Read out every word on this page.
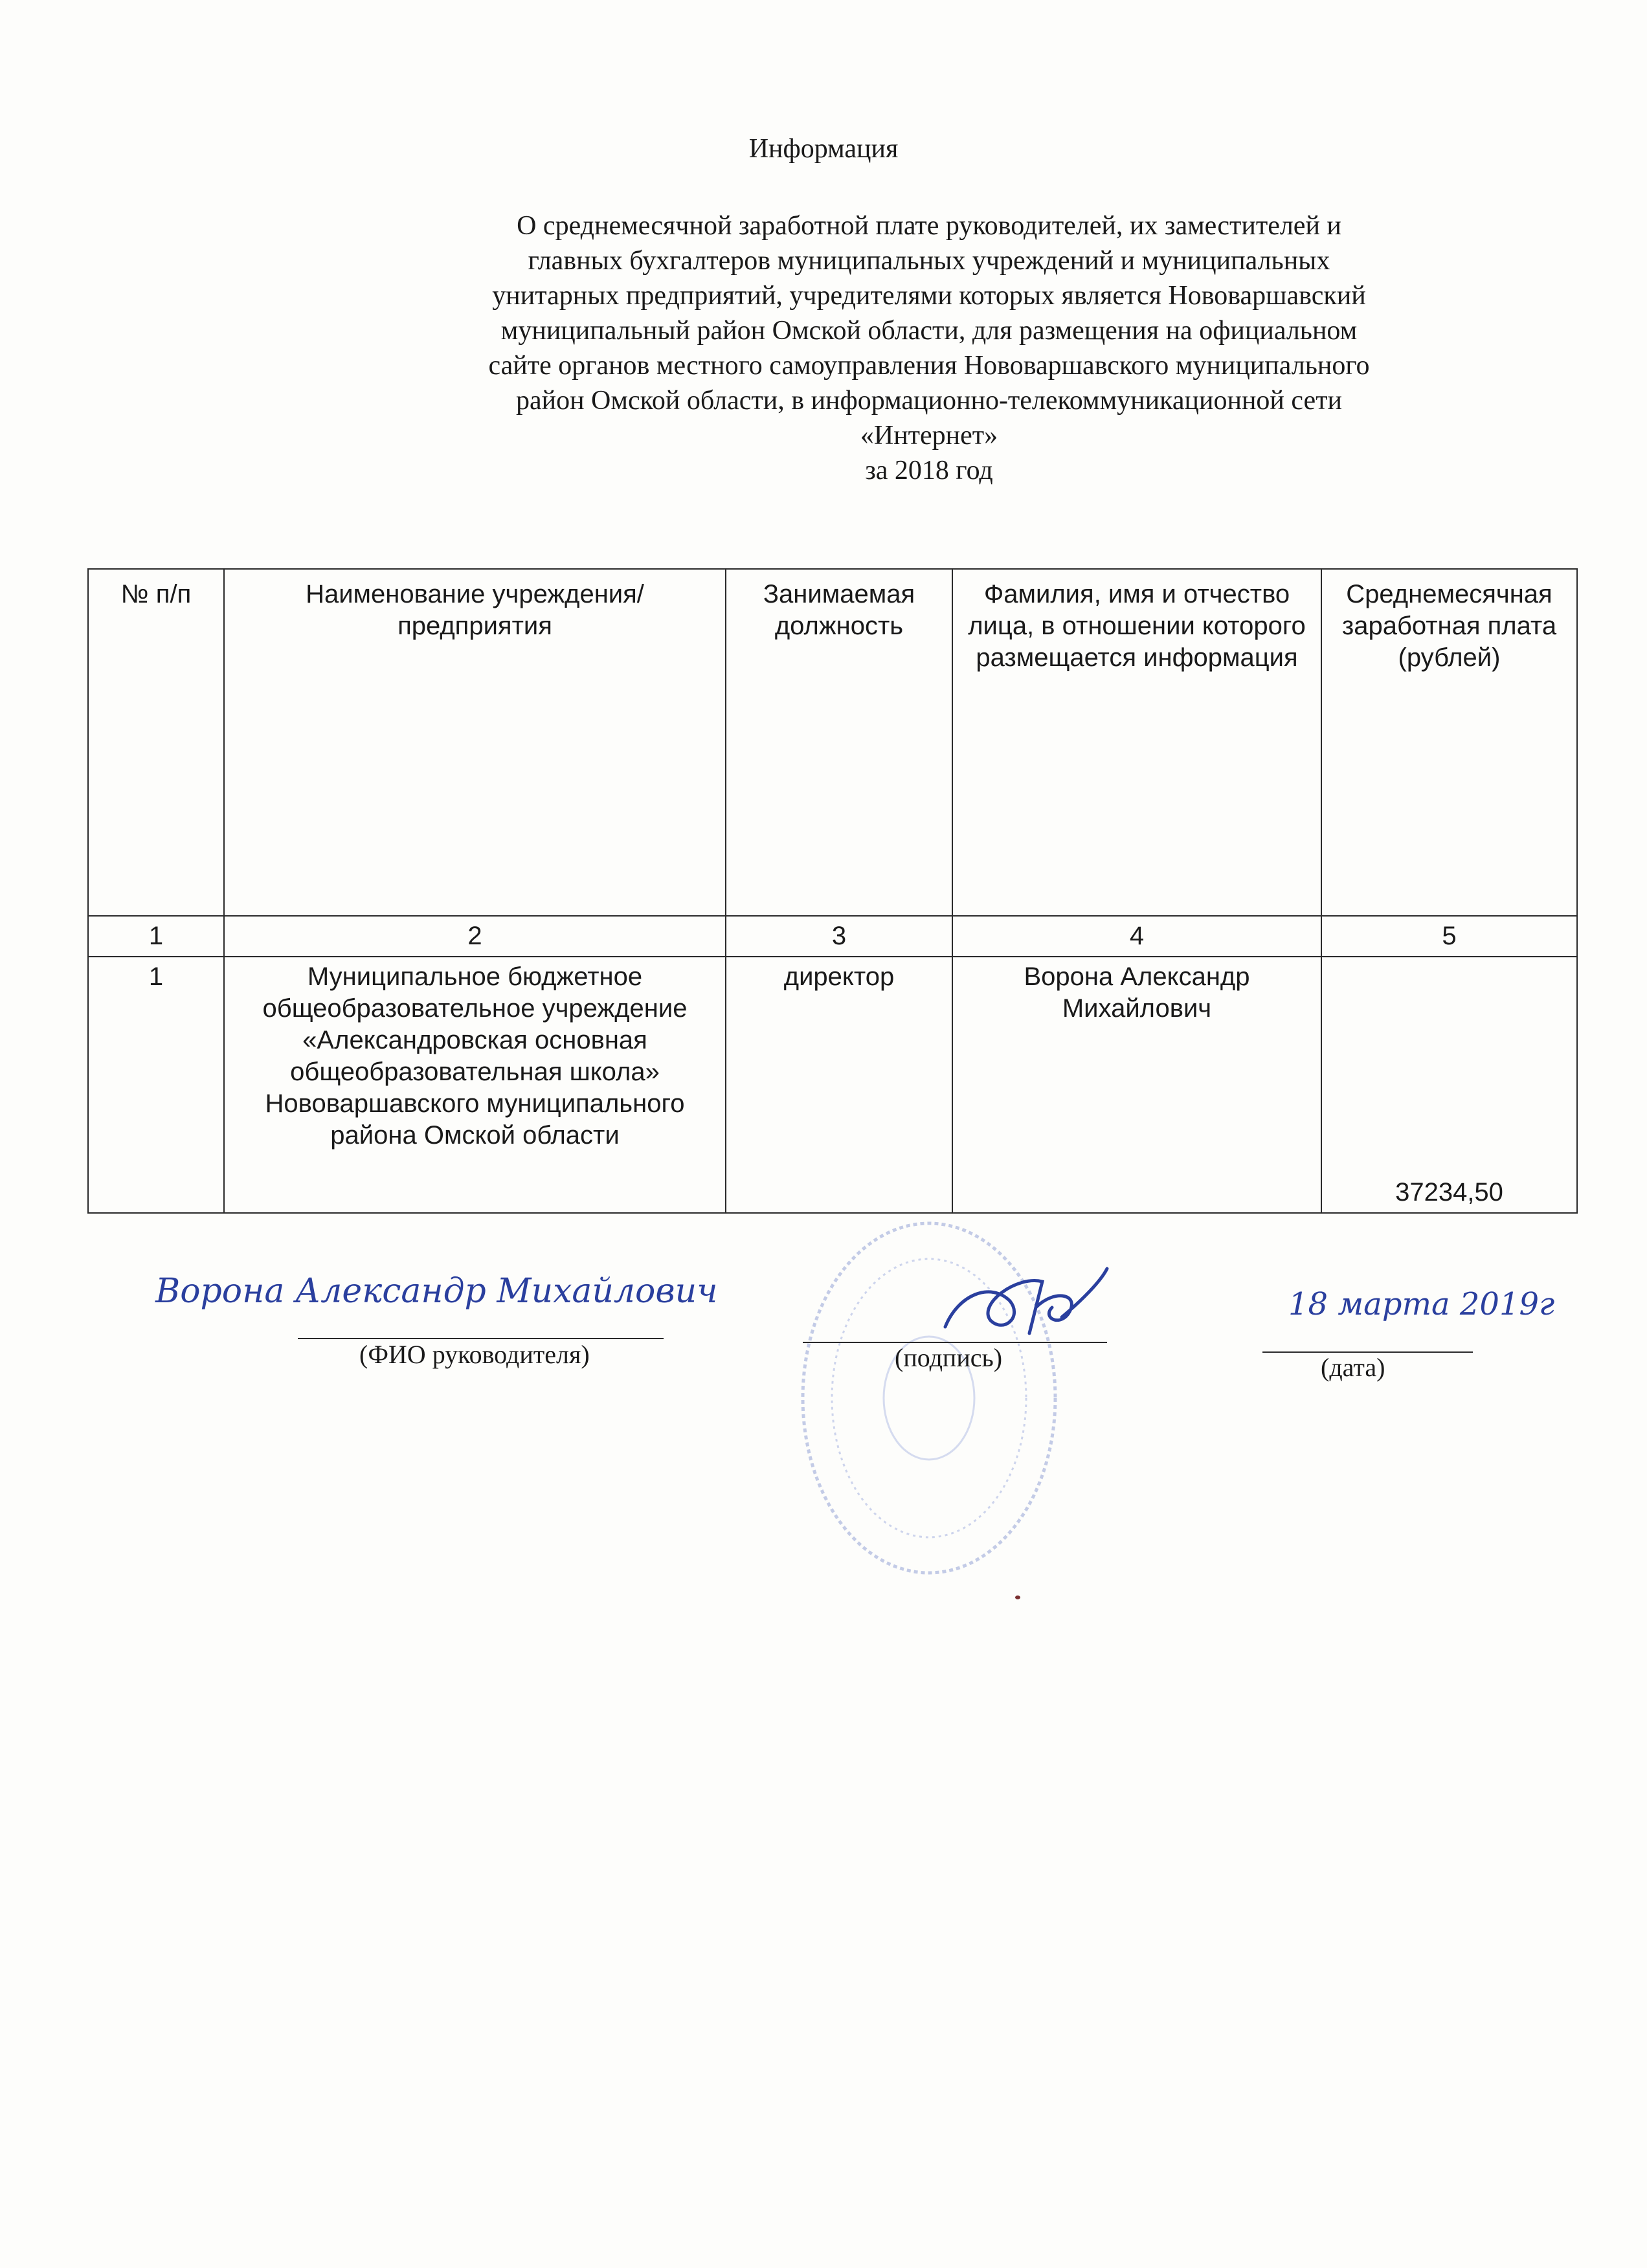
Информация
О среднемесячной заработной плате руководителей, их заместителей и
главных бухгалтеров муниципальных учреждений и муниципальных
унитарных предприятий, учредителями которых является Нововаршавский
муниципальный район Омской области, для размещения на официальном
сайте органов местного самоуправления Нововаршавского муниципального
район Омской области, в информационно-телекоммуникационной сети
«Интернет»
за 2018 год
№ п/п	Наименование учреждения/предприятия	Занимаемая должность	Фамилия, имя и отчество лица, в отношении которого размещается информация	Среднемесячная заработная плата (рублей)
1	2	3	4	5
1	Муниципальное бюджетное общеобразовательное учреждение «Александровская основная общеобразовательная школа» Нововаршавского муниципального района Омской области	директор	Ворона Александр Михайлович	37234,50
Ворона Александр Михайлович
(ФИО руководителя)	(подпись)
18 марта 2019г
(дата)
